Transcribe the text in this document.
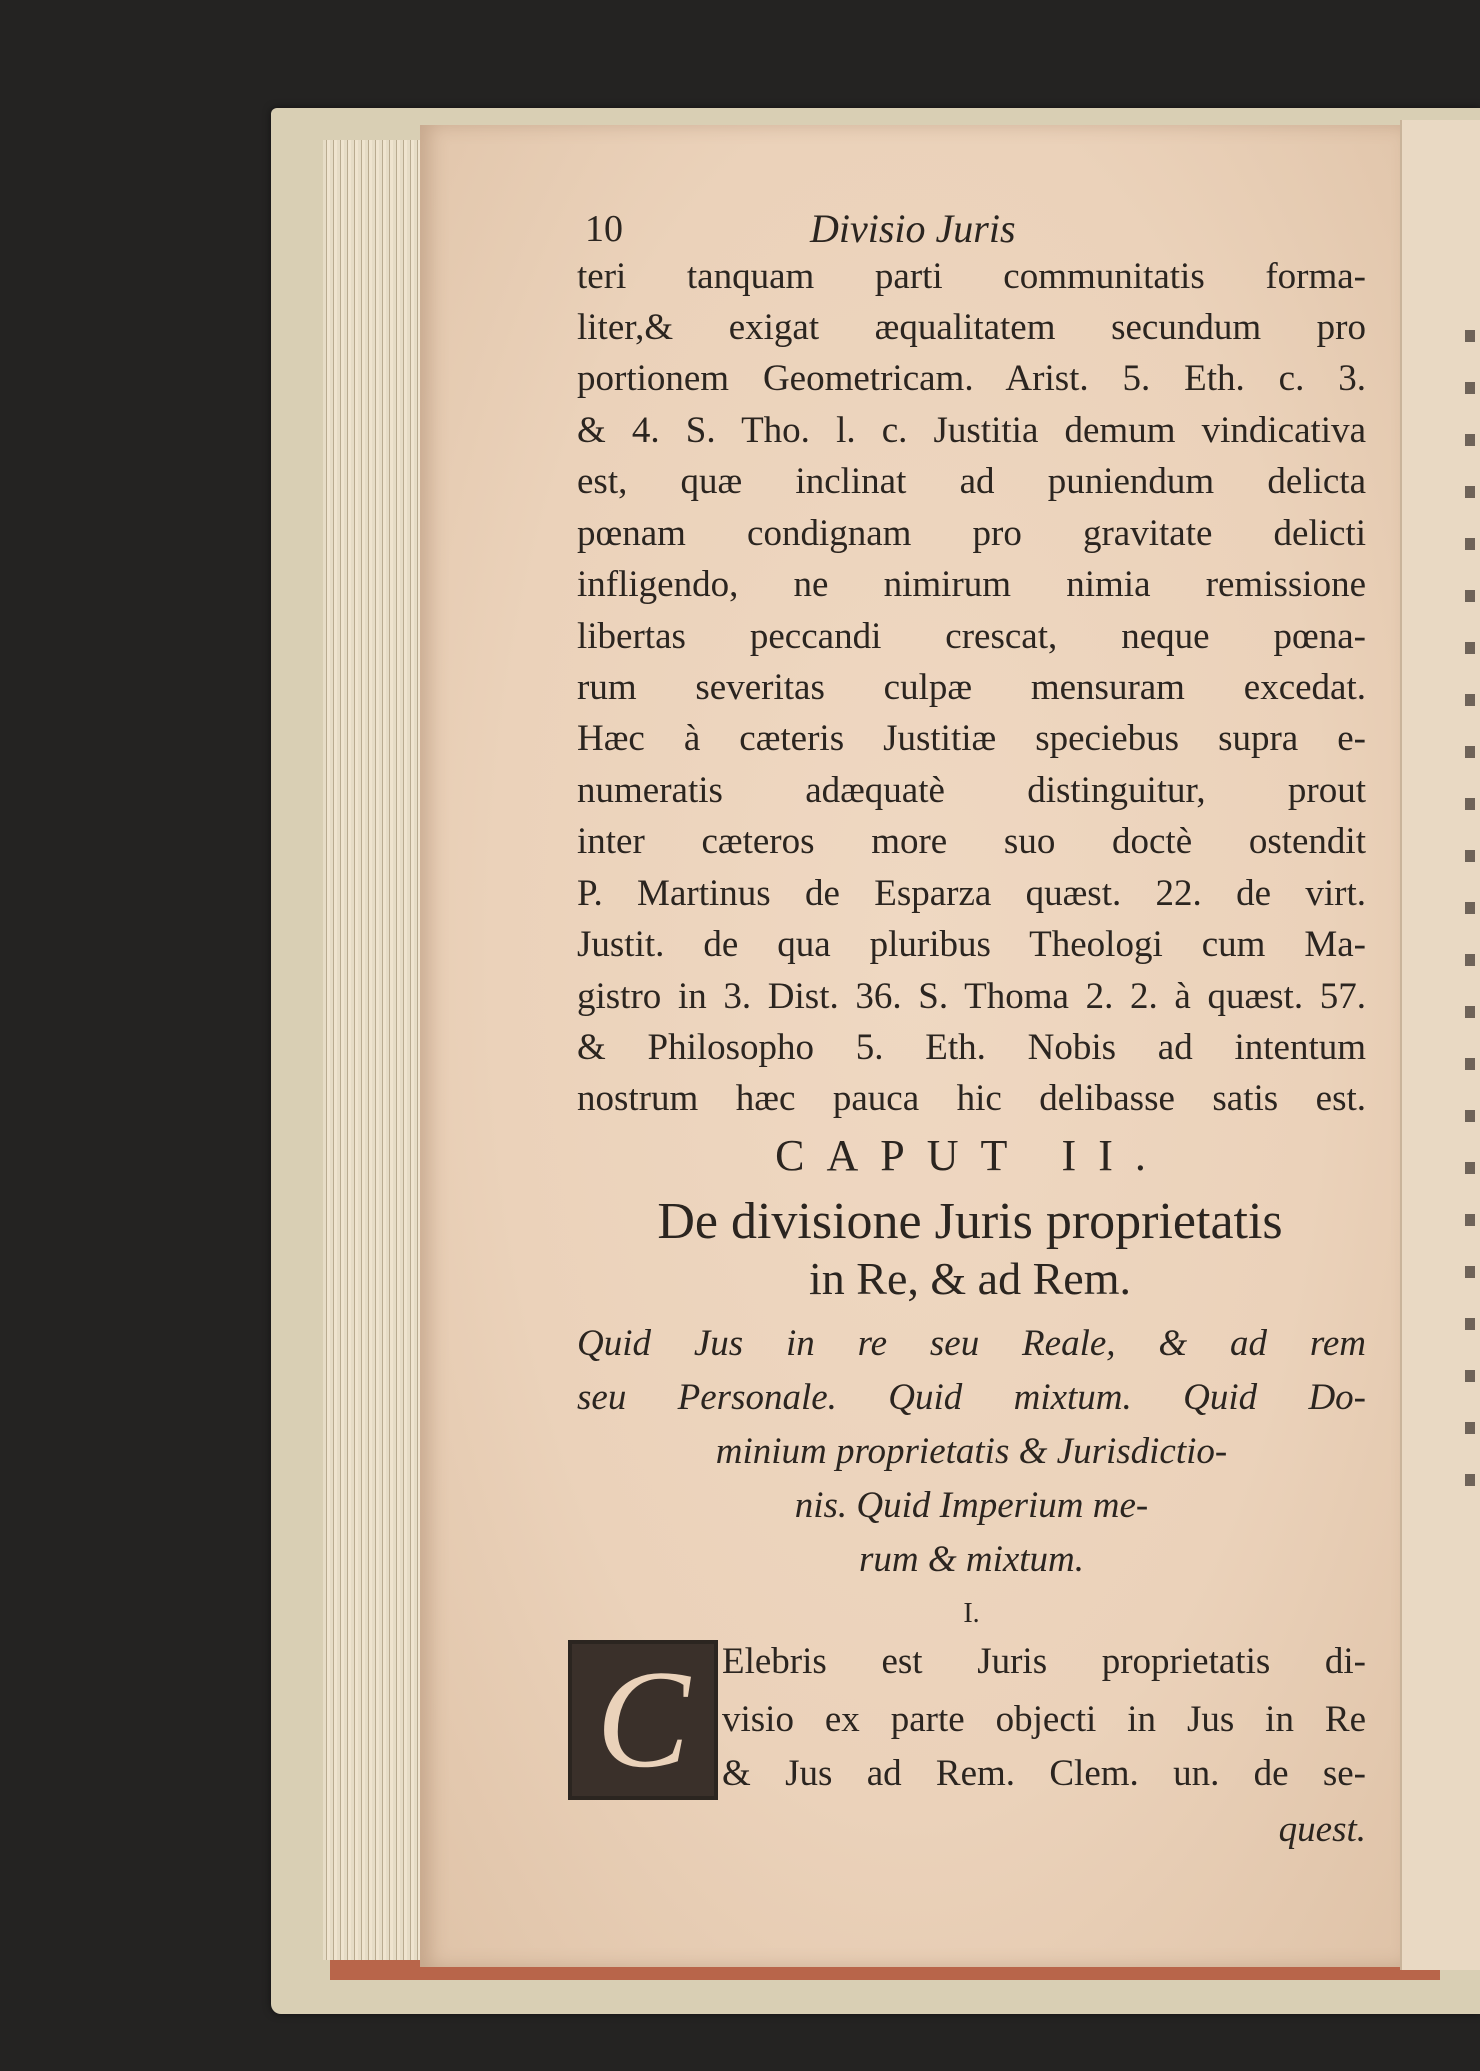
10	Divisio Juris
teri tanquam parti communitatis forma-
liter,& exigat æqualitatem secundum pro
portionem Geometricam. Arist. 5. Eth. c. 3.
& 4. S. Tho. l. c. Justitia demum vindicativa
est, quæ inclinat ad puniendum delicta
pœnam condignam pro gravitate delicti
infligendo, ne nimirum nimia remissione
libertas peccandi crescat, neque pœna-
rum severitas culpæ mensuram excedat.
Hæc à cæteris Justitiæ speciebus supra e-
numeratis adæquatè distinguitur, prout
inter cæteros more suo doctè ostendit
P. Martinus de Esparza quæst. 22. de virt.
Justit. de qua pluribus Theologi cum Ma-
gistro in 3. Dist. 36. S. Thoma 2. 2. à quæst. 57.
& Philosopho 5. Eth. Nobis ad intentum
nostrum hæc pauca hic delibasse satis est.
CAPUT II.
De divisione Juris proprietatis
in Re, & ad Rem.
Quid Jus in re seu Reale, & ad rem
seu Personale. Quid mixtum. Quid Do-
minium proprietatis & Jurisdictio-
nis. Quid Imperium me-
rum & mixtum.
I.
C Elebris est Juris proprietatis di-
visio ex parte objecti in Jus in Re
& Jus ad Rem. Clem. un. de se-
quest.
